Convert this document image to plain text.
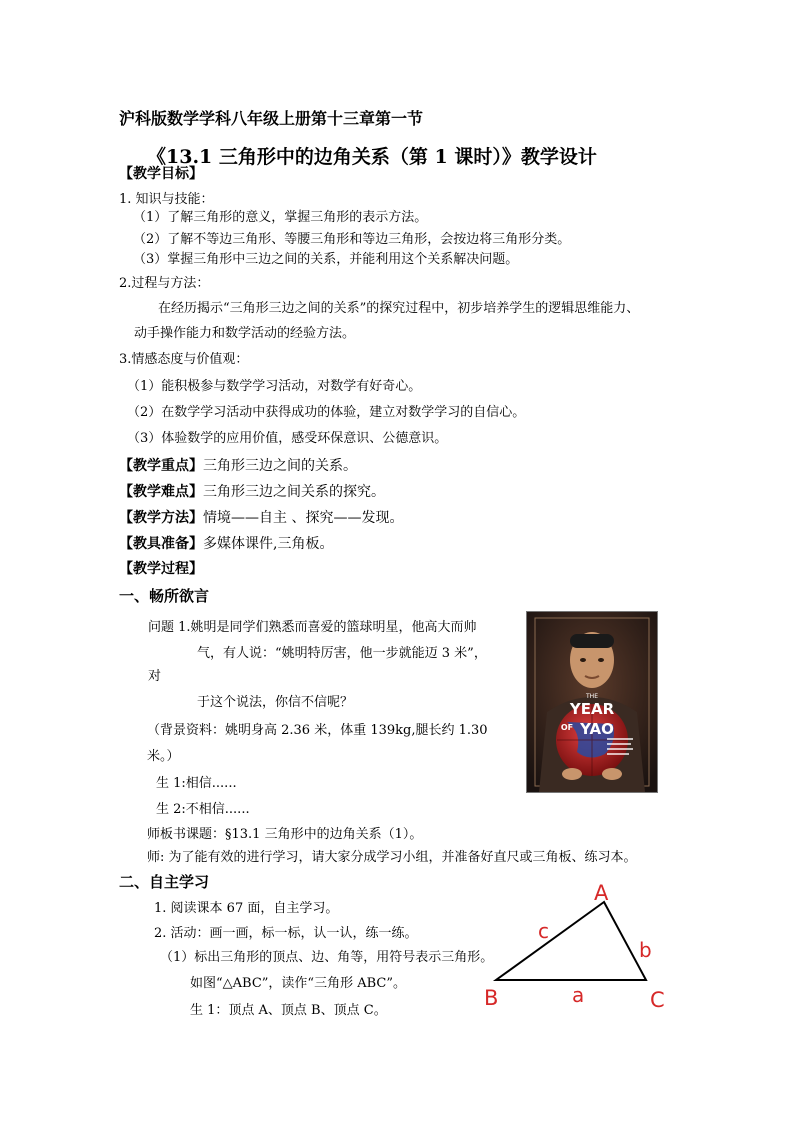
沪科版数学学科八年级上册第十三章第一节
《13.1 三角形中的边角关系（第 1 课时）》教学设计
【教学目标】
1. 知识与技能：
（1）了解三角形的意义，掌握三角形的表示方法。
（2）了解不等边三角形、等腰三角形和等边三角形，会按边将三角形分类。
（3）掌握三角形中三边之间的关系，并能利用这个关系解决问题。
2.过程与方法：
在经历揭示“三角形三边之间的关系”的探究过程中，初步培养学生的逻辑思维能力、
动手操作能力和数学活动的经验方法。
3.情感态度与价值观：
（1）能积极参与数学学习活动，对数学有好奇心。
（2）在数学学习活动中获得成功的体验，建立对数学学习的自信心。
（3）体验数学的应用价值，感受环保意识、公德意识。
【教学重点】三角形三边之间的关系。
【教学难点】三角形三边之间关系的探究。
【教学方法】情境——自主 、探究——发现。
【教具准备】多媒体课件,三角板。
【教学过程】
一、畅所欲言
问题 1.姚明是同学们熟悉而喜爱的篮球明星，他高大而帅
气，有人说：“姚明特厉害，他一步就能迈 3 米”，
对
于这个说法，你信不信呢？
（背景资料：姚明身高 2.36 米，体重 139kg,腿长约 1.30
米。）
生 1:相信......
生 2:不相信......
师板书课题：§13.1 三角形中的边角关系（1）。
师: 为了能有效的进行学习，请大家分成学习小组，并准备好直尺或三角板、练习本。
THE
YEAR
OF YAO
二、自主学习
1. 阅读课本 67 面，自主学习。
2. 活动：画一画，标一标，认一认，练一练。
（1）标出三角形的顶点、边、角等，用符号表示三角形。
如图“△ABC”，读作“三角形 ABC”。
生 1：顶点 A、顶点 B、顶点 C。
A
B	C
a
b
c
